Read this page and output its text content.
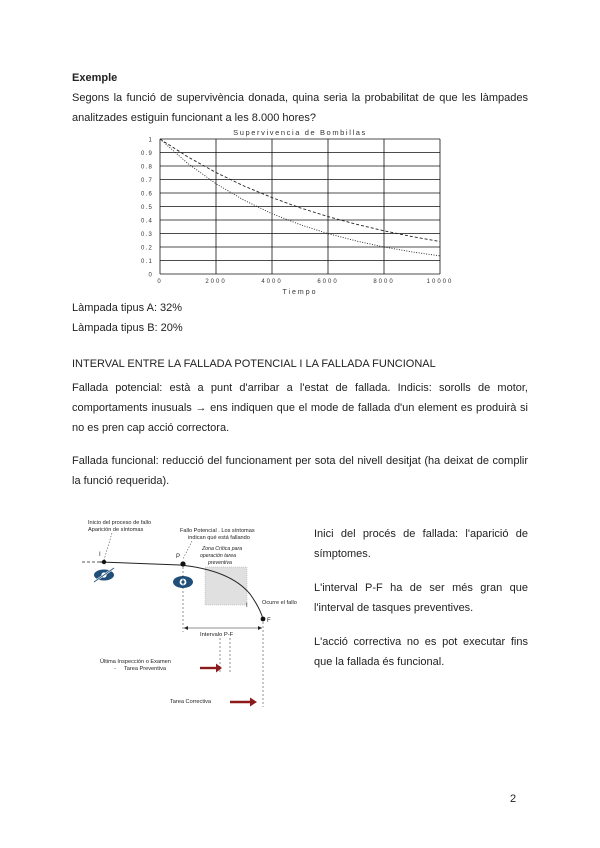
Exemple

Segons la funció de supervivència donada, quina seria la probabilitat de que les làmpades analitzades estiguin funcionant a les 8.000 hores?

Supervivencia de Bombillas
0
0.1
0.2
0.3
0.4
0.5
0.6
0.7
0.8
0.9
1
0	2000	4000	6000	8000	10000
Tiempo

Làmpada tipus A: 32%

Làmpada tipus B: 20%

INTERVAL ENTRE LA FALLADA POTENCIAL I LA FALLADA FUNCIONAL

Fallada potencial: està a punt d'arribar a l'estat de fallada. Indicis: sorolls de motor, comportaments inusuals → ens indiquen que el mode de fallada d'un element es produirà si no es pren cap acció correctora.

Fallada funcional: reducció del funcionament per sota del nivell desitjat (ha deixat de complir la funció requerida).

Inicio del proceso de fallo
Aparición de síntomas	Fallo Potencial . Los síntomas
indican qué está fallando
Zona Crítica para
operación tarea
preventiva
I	P
F
I	Ocurre el fallo
Intervalo P-F
Última Inspección o Examen
Tarea Preventiva
-
Tarea Correctiva

Inici del procés de fallada: l'aparició de símptomes.

L'interval P-F ha de ser més gran que l'interval de tasques preventives.

L'acció correctiva no es pot executar fins que la fallada és funcional.

2
